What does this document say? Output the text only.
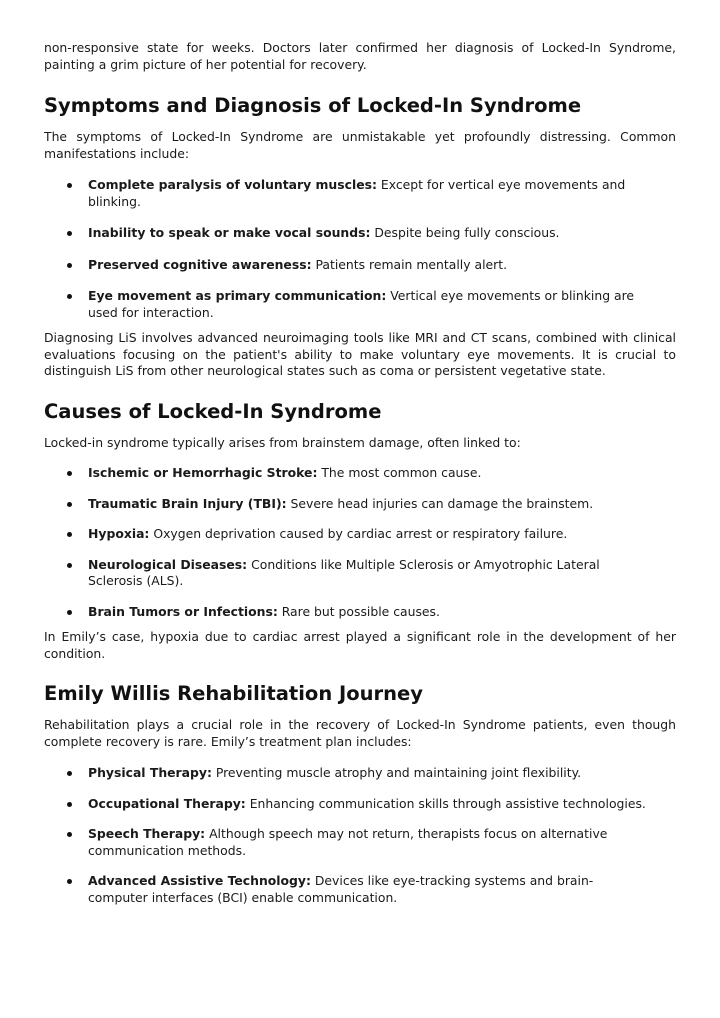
non-responsive state for weeks. Doctors later confirmed her diagnosis of Locked-In Syndrome, painting a grim picture of her potential for recovery.

Symptoms and Diagnosis of Locked-In Syndrome

The symptoms of Locked-In Syndrome are unmistakable yet profoundly distressing. Common manifestations include:

Complete paralysis of voluntary muscles: Except for vertical eye movements and blinking.
Inability to speak or make vocal sounds: Despite being fully conscious.
Preserved cognitive awareness: Patients remain mentally alert.
Eye movement as primary communication: Vertical eye movements or blinking are used for interaction.

Diagnosing LiS involves advanced neuroimaging tools like MRI and CT scans, combined with clinical evaluations focusing on the patient's ability to make voluntary eye movements. It is crucial to distinguish LiS from other neurological states such as coma or persistent vegetative state.

Causes of Locked-In Syndrome

Locked-in syndrome typically arises from brainstem damage, often linked to:

Ischemic or Hemorrhagic Stroke: The most common cause.
Traumatic Brain Injury (TBI): Severe head injuries can damage the brainstem.
Hypoxia: Oxygen deprivation caused by cardiac arrest or respiratory failure.
Neurological Diseases: Conditions like Multiple Sclerosis or Amyotrophic Lateral Sclerosis (ALS).
Brain Tumors or Infections: Rare but possible causes.

In Emily’s case, hypoxia due to cardiac arrest played a significant role in the development of her condition.

Emily Willis Rehabilitation Journey

Rehabilitation plays a crucial role in the recovery of Locked-In Syndrome patients, even though complete recovery is rare. Emily’s treatment plan includes:

Physical Therapy: Preventing muscle atrophy and maintaining joint flexibility.
Occupational Therapy: Enhancing communication skills through assistive technologies.
Speech Therapy: Although speech may not return, therapists focus on alternative communication methods.
Advanced Assistive Technology: Devices like eye-tracking systems and brain-computer interfaces (BCI) enable communication.
